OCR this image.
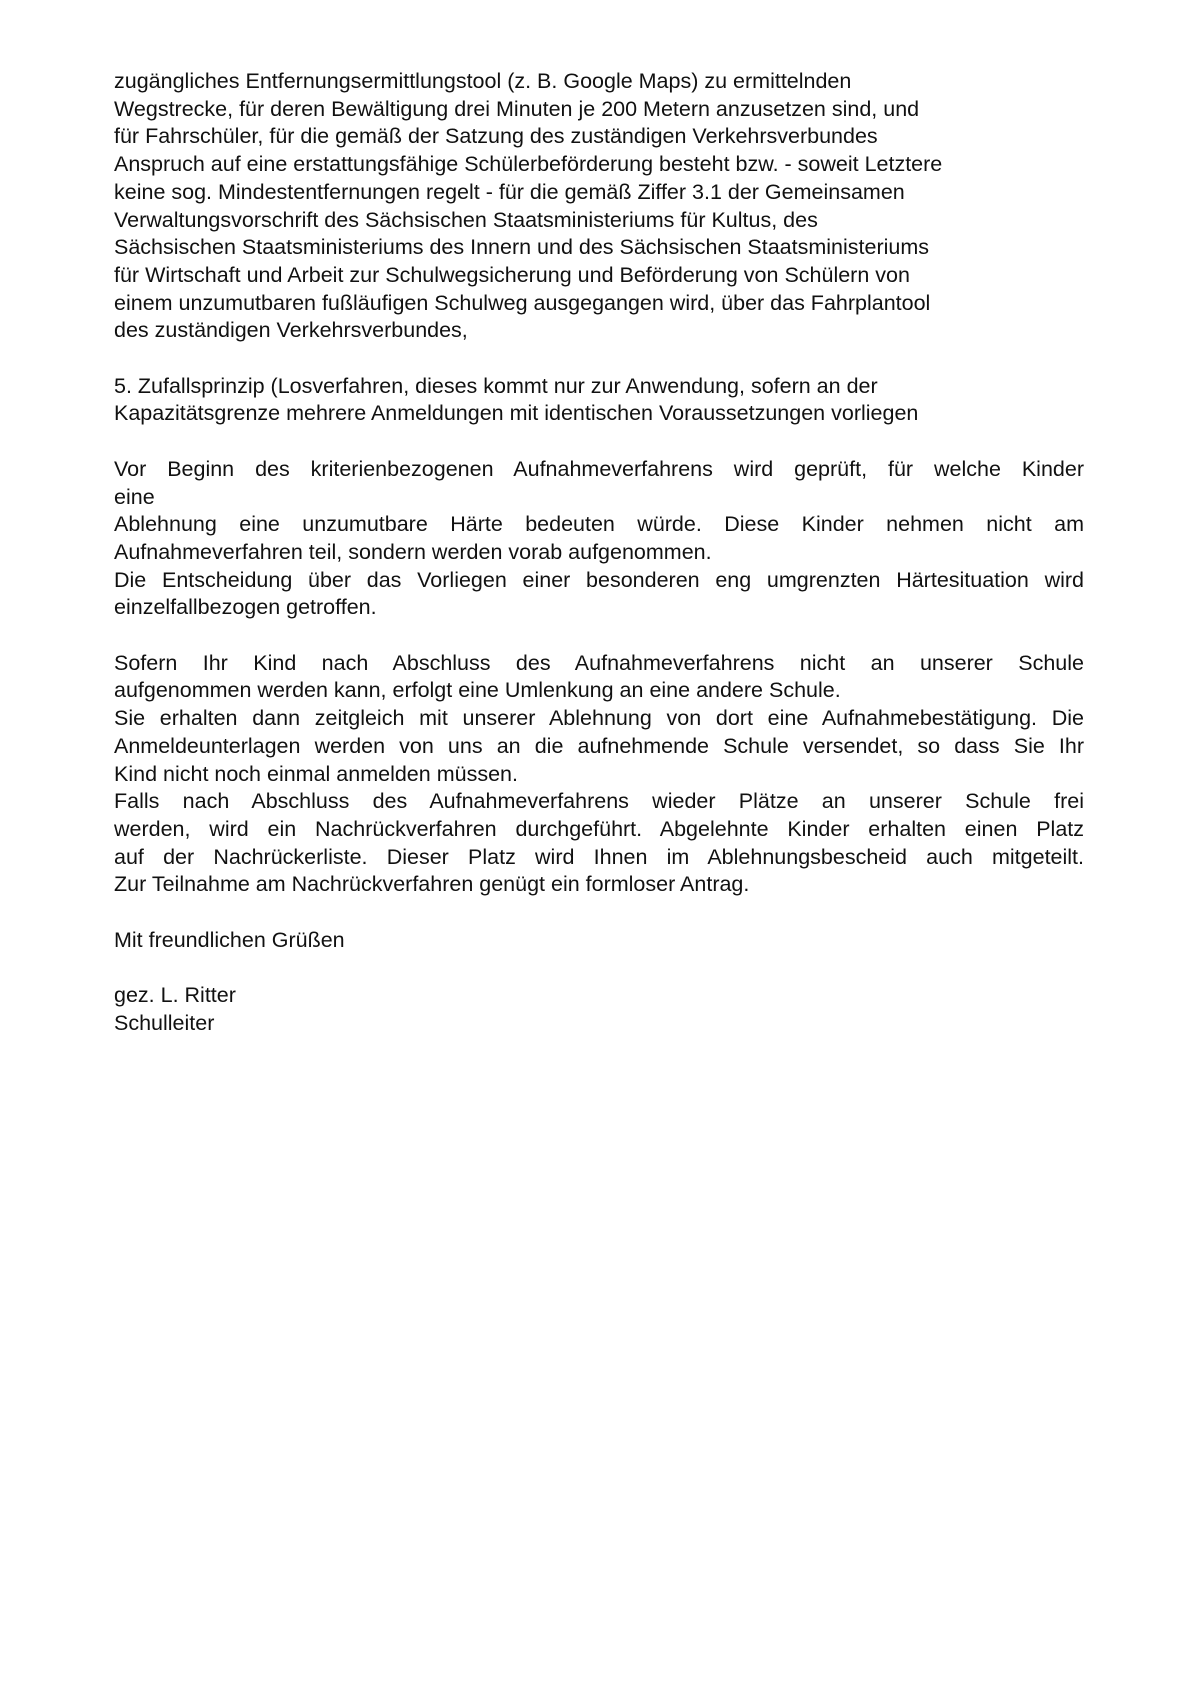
zugängliches Entfernungsermittlungstool (z. B. Google Maps) zu ermittelnden
Wegstrecke, für deren Bewältigung drei Minuten je 200 Metern anzusetzen sind, und
für Fahrschüler, für die gemäß der Satzung des zuständigen Verkehrsverbundes
Anspruch auf eine erstattungsfähige Schülerbeförderung besteht bzw. - soweit Letztere
keine sog. Mindestentfernungen regelt - für die gemäß Ziffer 3.1 der Gemeinsamen
Verwaltungsvorschrift des Sächsischen Staatsministeriums für Kultus, des
Sächsischen Staatsministeriums des Innern und des Sächsischen Staatsministeriums
für Wirtschaft und Arbeit zur Schulwegsicherung und Beförderung von Schülern von
einem unzumutbaren fußläufigen Schulweg ausgegangen wird, über das Fahrplantool
des zuständigen Verkehrsverbundes,

5. Zufallsprinzip (Losverfahren, dieses kommt nur zur Anwendung, sofern an der
Kapazitätsgrenze mehrere Anmeldungen mit identischen Voraussetzungen vorliegen

Vor Beginn des kriterienbezogenen Aufnahmeverfahrens wird geprüft, für welche Kinder
eine
Ablehnung eine unzumutbare Härte bedeuten würde. Diese Kinder nehmen nicht am
Aufnahmeverfahren teil, sondern werden vorab aufgenommen.
Die Entscheidung über das Vorliegen einer besonderen eng umgrenzten Härtesituation wird
einzelfallbezogen getroffen.

Sofern Ihr Kind nach Abschluss des Aufnahmeverfahrens nicht an unserer Schule
aufgenommen werden kann, erfolgt eine Umlenkung an eine andere Schule.
Sie erhalten dann zeitgleich mit unserer Ablehnung von dort eine Aufnahmebestätigung. Die
Anmeldeunterlagen werden von uns an die aufnehmende Schule versendet, so dass Sie Ihr
Kind nicht noch einmal anmelden müssen.
Falls nach Abschluss des Aufnahmeverfahrens wieder Plätze an unserer Schule frei
werden, wird ein Nachrückverfahren durchgeführt. Abgelehnte Kinder erhalten einen Platz
auf der Nachrückerliste. Dieser Platz wird Ihnen im Ablehnungsbescheid auch mitgeteilt.
Zur Teilnahme am Nachrückverfahren genügt ein formloser Antrag.

Mit freundlichen Grüßen

gez. L. Ritter
Schulleiter
